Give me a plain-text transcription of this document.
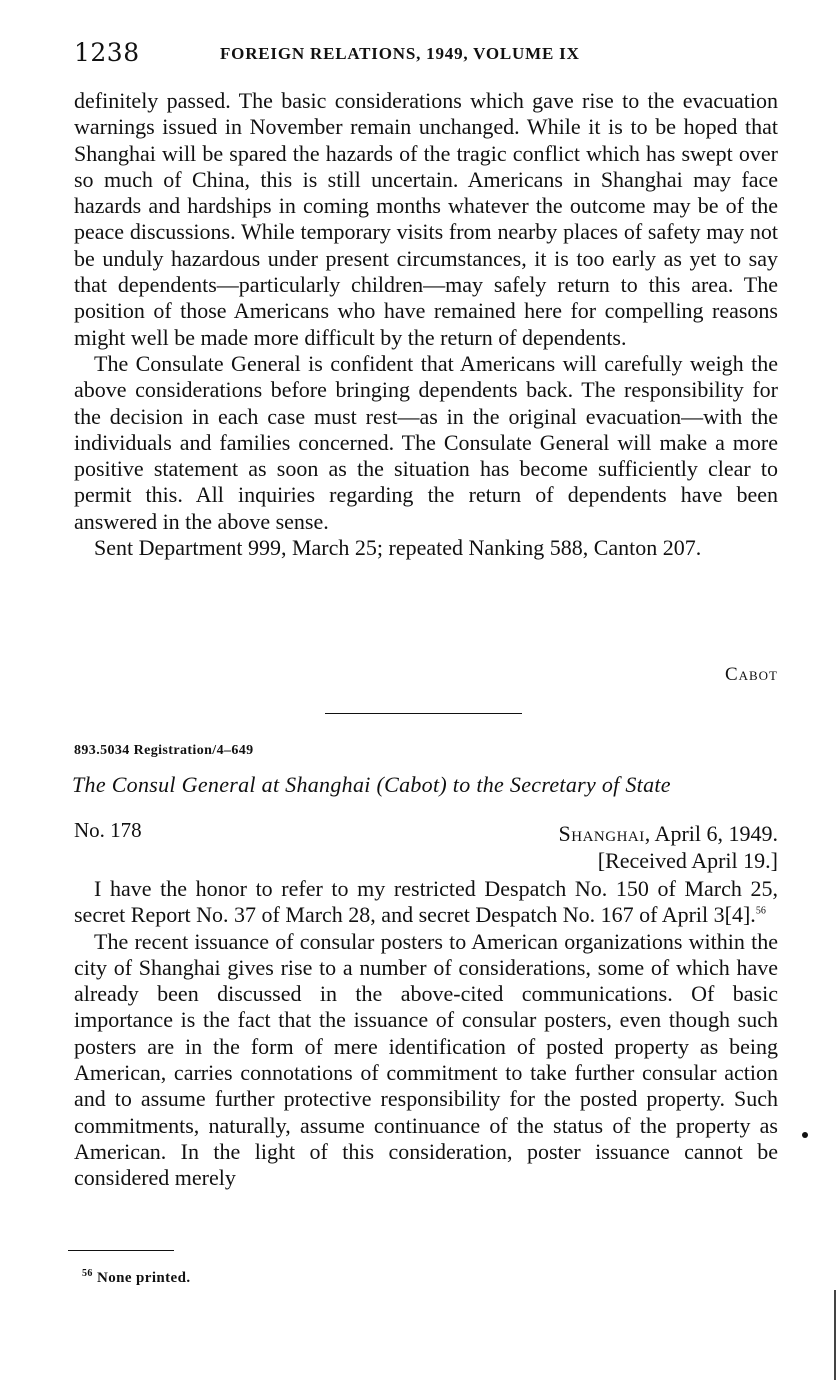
1238	FOREIGN RELATIONS, 1949, VOLUME IX

definitely passed. The basic considerations which gave rise to the evacuation warnings issued in November remain unchanged. While it is to be hoped that Shanghai will be spared the hazards of the tragic conflict which has swept over so much of China, this is still uncertain. Americans in Shanghai may face hazards and hardships in coming months whatever the outcome may be of the peace discussions. While temporary visits from nearby places of safety may not be unduly hazardous under present circumstances, it is too early as yet to say that dependents—particularly children—may safely return to this area. The position of those Americans who have remained here for compelling reasons might well be made more difficult by the return of dependents.

The Consulate General is confident that Americans will carefully weigh the above considerations before bringing dependents back. The responsibility for the decision in each case must rest—as in the original evacuation—with the individuals and families concerned. The Consulate General will make a more positive statement as soon as the situation has become sufficiently clear to permit this. All inquiries regarding the return of dependents have been answered in the above sense.

Sent Department 999, March 25; repeated Nanking 588, Canton 207.

Cabot
893.5034 Registration/4–649
The Consul General at Shanghai (Cabot) to the Secretary of State
No. 178	Shanghai, April 6, 1949.
[Received April 19.]

I have the honor to refer to my restricted Despatch No. 150 of March 25, secret Report No. 37 of March 28, and secret Despatch No. 167 of April 3[4].$^{56}$

The recent issuance of consular posters to American organizations within the city of Shanghai gives rise to a number of considerations, some of which have already been discussed in the above-cited communications. Of basic importance is the fact that the issuance of consular posters, even though such posters are in the form of mere identification of posted property as being American, carries connotations of commitment to take further consular action and to assume further protective responsibility for the posted property. Such commitments, naturally, assume continuance of the status of the property as American. In the light of this consideration, poster issuance cannot be considered merely

$^{56}$ None printed.
